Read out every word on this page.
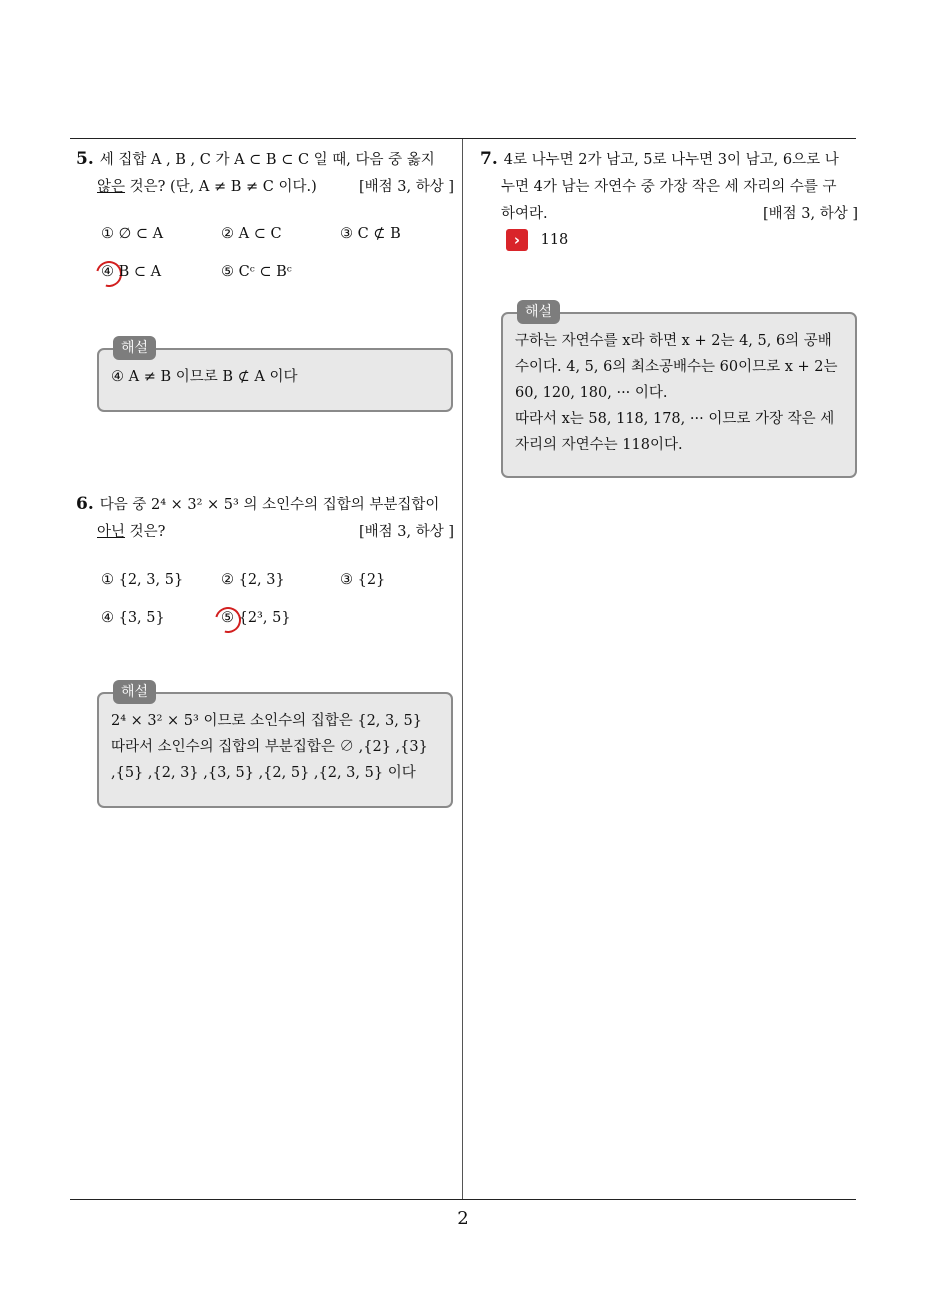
5. 세 집합 A , B , C 가 A ⊂ B ⊂ C 일 때, 다음 중 옳지
않은 것은? (단, A ≠ B ≠ C 이다.)	[배점 3, 하상 ]
① ∅ ⊂ A	② A ⊂ C	③ C ⊄ B
④ B ⊂ A	⑤ Cᶜ ⊂ Bᶜ
해설
④ A ≠ B 이므로 B ⊄ A 이다
6. 다음 중 2⁴ × 3² × 5³ 의 소인수의 집합의 부분집합이
아닌 것은?	[배점 3, 하상 ]
① {2, 3, 5}	② {2, 3}	③ {2}
④ {3, 5}	⑤ {2³, 5}
해설
2⁴ × 3² × 5³ 이므로 소인수의 집합은 {2, 3, 5}
따라서 소인수의 집합의 부분집합은 ∅ ,{2} ,{3}
,{5} ,{2, 3} ,{3, 5} ,{2, 5} ,{2, 3, 5} 이다
7. 4로 나누면 2가 남고, 5로 나누면 3이 남고, 6으로 나
누면 4가 남는 자연수 중 가장 작은 세 자리의 수를 구
하여라.	[배점 3, 하상 ]
› 118
해설
구하는 자연수를 x라 하면 x + 2는 4, 5, 6의 공배
수이다. 4, 5, 6의 최소공배수는 60이므로 x + 2는
60, 120, 180, ··· 이다.
따라서 x는 58, 118, 178, ··· 이므로 가장 작은 세
자리의 자연수는 118이다.
2
